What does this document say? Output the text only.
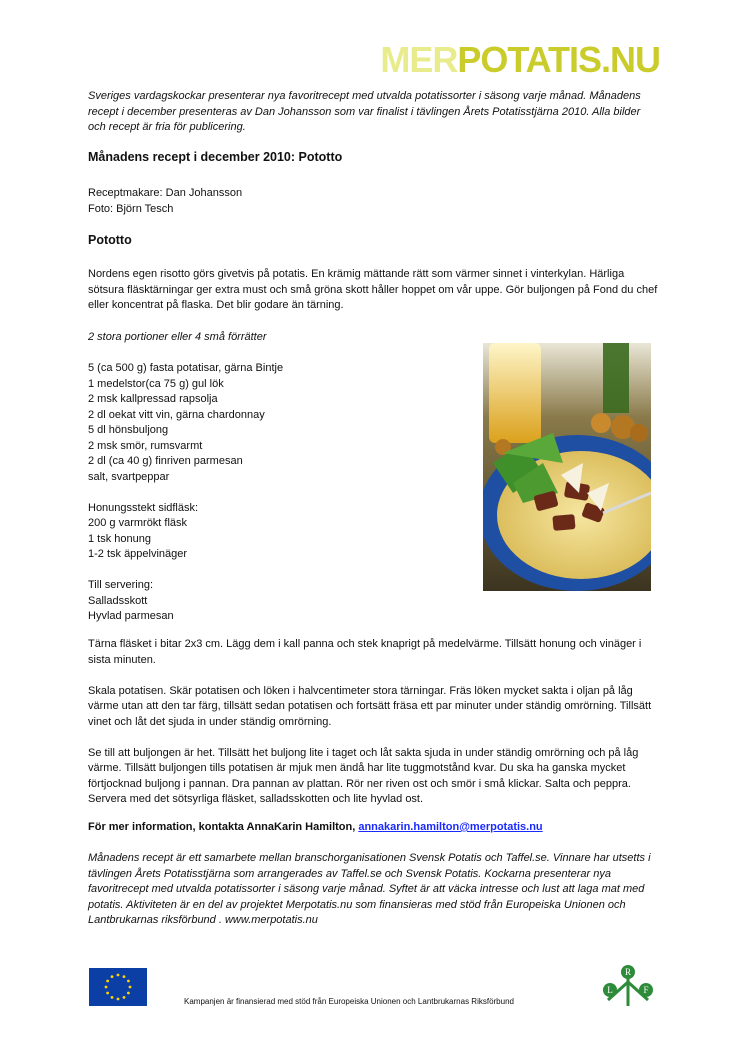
MERPOTATIS.NU
Sveriges vardagskockar presenterar nya favoritrecept med utvalda potatissorter i säsong varje månad. Månadens recept i december presenteras av Dan Johansson som var finalist i tävlingen Årets Potatisstjärna 2010. Alla bilder och recept är fria för publicering.
Månadens recept i december 2010: Pototto
Receptmakare: Dan Johansson
Foto: Björn Tesch
Pototto
Nordens egen risotto görs givetvis på potatis. En krämig mättande rätt som värmer sinnet i vinterkylan. Härliga sötsura fläsktärningar ger extra must och små gröna skott håller hoppet om vår uppe. Gör buljongen på Fond du chef eller koncentrat på flaska. Det blir godare än tärning.
2 stora portioner eller 4 små förrätter
5 (ca 500 g) fasta potatisar, gärna Bintje
1 medelstor(ca 75 g) gul lök
2 msk kallpressad rapsolja
2 dl oekat vitt vin, gärna chardonnay
5 dl hönsbuljong
2 msk smör, rumsvarmt
2 dl (ca 40 g) finriven parmesan
salt, svartpeppar
Honungsstekt sidfläsk:
200 g varmrökt fläsk
1 tsk honung
1-2 tsk äppelvinäger
Till servering:
Salladsskott
Hyvlad parmesan

Tärna fläsket i bitar 2x3 cm. Lägg dem i kall panna och stek knaprigt på medelvärme. Tillsätt honung och vinäger i sista minuten.

Skala potatisen. Skär potatisen och löken i halvcentimeter stora tärningar. Fräs löken mycket sakta i oljan på låg värme utan att den tar färg, tillsätt sedan potatisen och fortsätt fräsa ett par minuter under ständig omrörning. Tillsätt vinet och låt det sjuda in under ständig omrörning.

Se till att buljongen är het. Tillsätt het buljong lite i taget och låt sakta sjuda in under ständig omrörning och på låg värme. Tillsätt buljongen tills potatisen är mjuk men ändå har lite tuggmotstånd kvar. Du ska ha ganska mycket förtjocknad buljong i pannan. Dra pannan av plattan. Rör ner riven ost och smör i små klickar. Salta och peppra. Servera med det sötsyrliga fläsket, salladsskotten och lite hyvlad ost.

För mer information, kontakta AnnaKarin Hamilton, annakarin.hamilton@merpotatis.nu
Månadens recept är ett samarbete mellan branschorganisationen Svensk Potatis och Taffel.se. Vinnare har utsetts i tävlingen Årets Potatisstjärna som arrangerades av Taffel.se och Svensk Potatis. Kockarna presenterar nya favoritrecept med utvalda potatissorter i säsong varje månad. Syftet är att väcka intresse och lust att laga mat med potatis. Aktiviteten är en del av projektet Merpotatis.nu som finansieras med stöd från Europeiska Unionen och Lantbrukarnas riksförbund . www.merpotatis.nu
Kampanjen är finansierad med stöd från Europeiska Unionen och Lantbrukarnas Riksförbund
R
L	F
